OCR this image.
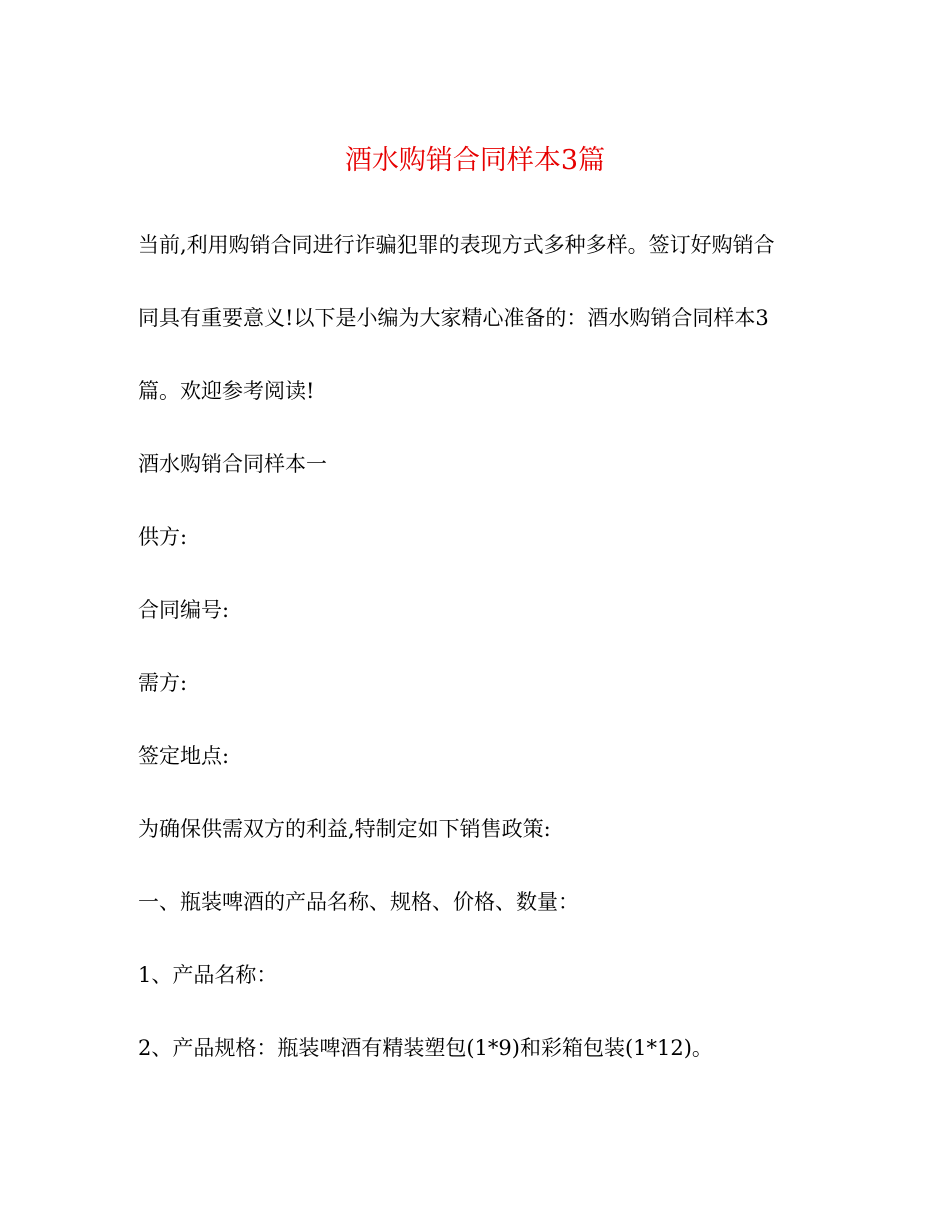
酒水购销合同样本3篇
当前,利用购销合同进行诈骗犯罪的表现方式多种多样。签订好购销合
同具有重要意义!以下是小编为大家精心准备的：酒水购销合同样本3
篇。欢迎参考阅读!
酒水购销合同样本一
供方:
合同编号:
需方:
签定地点:
为确保供需双方的利益,特制定如下销售政策:
一、瓶装啤酒的产品名称、规格、价格、数量：
1、产品名称：
2、产品规格：瓶装啤酒有精装塑包(1*9)和彩箱包装(1*12)。
